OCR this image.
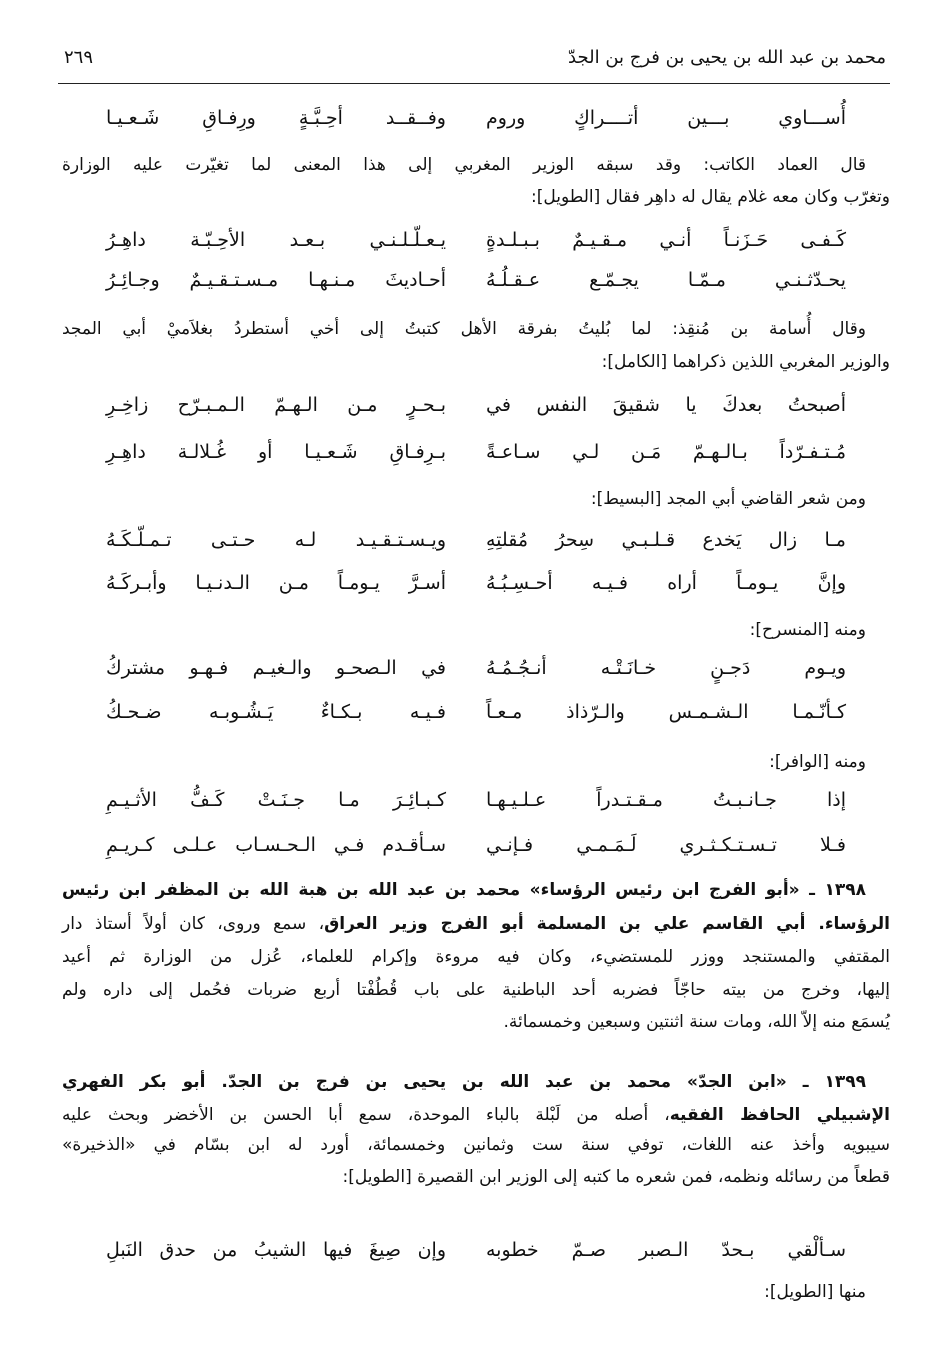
محمد بن عبد الله بن يحيى بن فرج بن الجدّ
٢٦٩
أُســـاوي بـــين أتــــراكٍ وروم
وفــقــد أحِـبَّـةٍ ورِفـاقِ شَـعـيـا
قال العماد الكاتب: وقد سبقه الوزير المغربي إلى هذا المعنى لما تغيّرت عليه الوزارة
وتغرّب وكان معه غلام يقال له داهِر فقال [الطويل]:
كَـفـى حَـزَنـاً أنـي مـقـيـمٌ بـبـلـدةٍ
يـعـلّـلـنـي بـعـد الأحِـبّـة داهِـرُ
يحـدّثـنـي مـمّـا يجـمّـع عـقـلُـهُ
أحـاديثَ مـنـهـا مـسـتـقـيـمٌ وجـائِـرُ
وقال أُسامة بن مُنقِذ: لما بُليتُ بفرقة الأهل كتبتُ إلى أخي أستطردُ بغلاَميْ أبي المجد
والوزير المغربي اللذين ذكراهما [الكامل]:
أصبحتُ بعدكَ يا شقيقَ النفس في
بـحـرٍ مـن الـهـمّ الـمـبـرّح زاخِـرِ
مُـتـفـرّداً بـالـهـمّ مَـن لـي سـاعـةً
بـرِفـاقِ شَـعـيـا أو غُـلالـة داهِـرِ
ومن شعر القاضي أبي المجد [البسيط]:
مـا زال يَخدع قـلـبـي سِحرُ مُقلتِهِ
ويـسـتـقـيـد لـه حـتـى تـمـلّـكَـهُ
وإنَّ يـومـاً أراه فـيـه أحـسِـبُـهُ
أسـرَّ يـومـاً مـن الـدنـيـا وأبـركَـهُ
ومنه [المنسرح]:
ويـوم دَجـنٍ خـانَـتْـه أنـجُـمُـهُ
في الـصحـو والـغيـم فـهـو مشتركُ
كـأنّـمـا الـشـمـس والـرّذاذ مـعـاً
فـيـه بـكـاءٌ يَـشُـوبـه ضـحـكُ
ومنه [الوافر]:
إذا جـانـبـتُ مـقـتـدراً عـلـيـهـا
كـبـائِـرَ مـا جـنَـتْ كَـفُّ الأثـيـمِ
فـلا تـسـتـكـثـري لَـمَـمـي فـإنـي
سـأقـدم فـي الـحـسـاب عـلـى كـريـمِ
١٣٩٨ ـ «أبو الفرج ابن رئيس الرؤساء» محمد بن عبد الله بن هبة الله بن المظفر ابن رئيس
الرؤساء. أبي القاسم علي بن المسلمة أبو الفرج وزير العراق، سمع وروى، كان أولاً أستاذ دار
المقتفي والمستنجد ووزر للمستضيء، وكان فيه مروءة وإكرام للعلماء، عُزل من الوزارة ثم أعيد
إليها، وخرج من بيته حاجّاً فضربه أحد الباطنية على باب قُطُفْتا أربع ضربات فحُمل إلى داره ولم
يُسمَع منه إلاّ الله، ومات سنة اثنتين وسبعين وخمسمائة.
١٣٩٩ ـ «ابن الجدّ» محمد بن عبد الله بن يحيى بن فرج بن الجدّ. أبو بكر الفهري
الإشبيلي الحافظ الفقيه، أصله من لَبْلة بالباء الموحدة، سمع أبا الحسن بن الأخضر وبحث عليه
سيبويه وأخذ عنه اللغات، توفي سنة ست وثمانين وخمسمائة، أورد له ابن بسّام في «الذخيرة»
قطعاً من رسائله ونظمه، فمن شعره ما كتبه إلى الوزير ابن القصيرة [الطويل]:
سـألْقي بـحدّ الـصبر صـمّ خطوبه
وإن صِيغَ فيها الشيبُ من حدق النَبلِ
منها [الطويل]:
